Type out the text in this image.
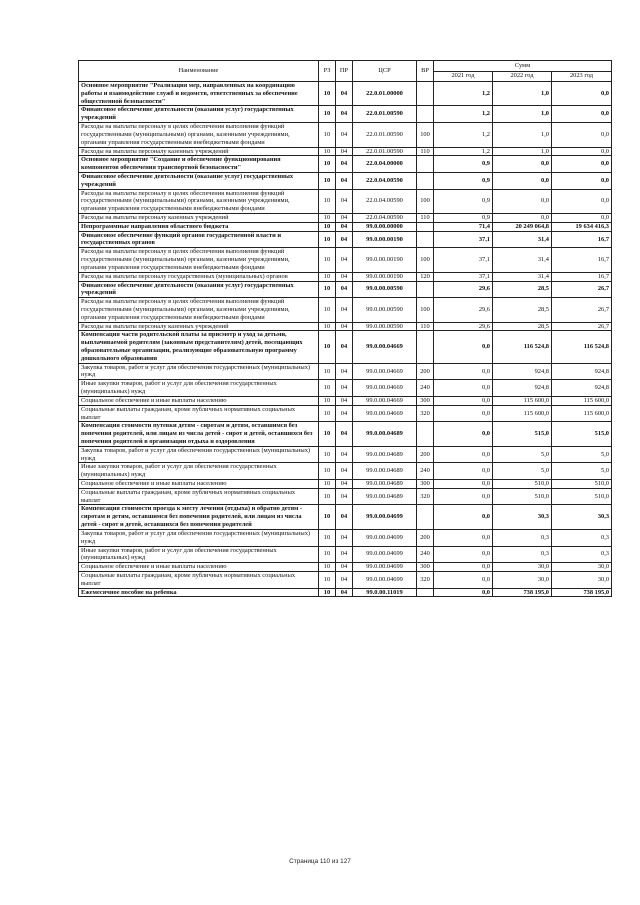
Наименование	РЗ	ПР	ЦСР	ВР	Сумм		
					2021 год	2022 год	2023 год
Основное мероприятие "Реализация мер, направленных на координацию работы и взаимодействие служб и ведомств, ответственных за обеспечение общественной безопасности"	10	04	22.0.01.00000		1,2	1,0	0,0
Финансовое обеспечение деятельности (оказания услуг) государственных учреждений	10	04	22.0.01.00590		1,2	1,0	0,0
Расходы на выплаты персоналу в целях обеспечения выполнения функций государственными (муниципальными) органами, казенными учреждениями, органами управления государственными внебюджетными фондами	10	04	22.0.01.00590	100	1,2	1,0	0,0
Расходы на выплаты персоналу казенных учреждений	10	04	22.0.01.00590	110	1,2	1,0	0,0
Основное мероприятие "Создание и обеспечение функционирования компонентов обеспечения транспортной безопасности"	10	04	22.0.04.00000		0,9	0,0	0,0
Финансовое обеспечение деятельности (оказание услуг) государственных учреждений	10	04	22.0.04.00590		0,9	0,0	0,0
Расходы на выплаты персоналу в целях обеспечения выполнения функций государственными (муниципальными) органами, казенными учреждениями, органами управления государственными внебюджетными фондами	10	04	22.0.04.00590	100	0,9	0,0	0,0
Расходы на выплаты персоналу казенных учреждений	10	04	22.0.04.00590	110	0,9	0,0	0,0
Непрограммные направления областного бюджета	10	04	99.0.00.00000		71,4	20 249 064,8	19 634 416,3
Финансовое обеспечение функций органов государственной власти и государственных органов	10	04	99.0.00.00190		37,1	31,4	16,7
Расходы на выплаты персоналу в целях обеспечения выполнения функций государственными (муниципальными) органами, казенными учреждениями, органами управления государственными внебюджетными фондами	10	04	99.0.00.00190	100	37,1	31,4	16,7
Расходы на выплаты персоналу государственных (муниципальных) органов	10	04	99.0.00.00190	120	37,1	31,4	16,7
Финансовое обеспечение деятельности (оказания услуг) государственных учреждений	10	04	99.0.00.00590		29,6	28,5	26,7
Расходы на выплаты персоналу в целях обеспечения выполнения функций государственными (муниципальными) органами, казенными учреждениями, органами управления государственными внебюджетными фондами	10	04	99.0.00.00590	100	29,6	28,5	26,7
Расходы на выплаты персоналу казенных учреждений	10	04	99.0.00.00590	110	29,6	28,5	26,7
Компенсация части родительской платы за присмотр и уход за детьми, выплачиваемой родителям (законным представителям) детей, посещающих образовательные организации, реализующие образовательную программу дошкольного образования	10	04	99.0.00.04669		0,0	116 524,8	116 524,8
Закупка товаров, работ и услуг для обеспечения государственных (муниципальных) нужд	10	04	99.0.00.04669	200	0,0	924,8	924,8
Иные закупки товаров, работ и услуг для обеспечения государственных (муниципальных) нужд	10	04	99.0.00.04669	240	0,0	924,8	924,8
Социальное обеспечение и иные выплаты населению	10	04	99.0.00.04669	300	0,0	115 600,0	115 600,0
Социальные выплаты гражданам, кроме публичных нормативных социальных выплат	10	04	99.0.00.04669	320	0,0	115 600,0	115 600,0
Компенсация стоимости путевки детям - сиротам и детям, оставшимся без попечения родителей, или лицам из числа детей - сирот и детей, оставшихся без попечения родителей в организации отдыха и оздоровления	10	04	99.0.00.04689		0,0	515,0	515,0
Закупка товаров, работ и услуг для обеспечения государственных (муниципальных) нужд	10	04	99.0.00.04689	200	0,0	5,0	5,0
Иные закупки товаров, работ и услуг для обеспечения государственных (муниципальных) нужд	10	04	99.0.00.04689	240	0,0	5,0	5,0
Социальное обеспечение и иные выплаты населению	10	04	99.0.00.04689	300	0,0	510,0	510,0
Социальные выплаты гражданам, кроме публичных нормативных социальных выплат	10	04	99.0.00.04689	320	0,0	510,0	510,0
Компенсация стоимости проезда к месту лечения (отдыха) и обратно детям - сиротам и детям, оставшимся без попечения родителей, или лицам из числа детей - сирот и детей, оставшихся без попечения родителей	10	04	99.0.00.04699		0,0	30,3	30,3
Закупка товаров, работ и услуг для обеспечения государственных (муниципальных) нужд	10	04	99.0.00.04699	200	0,0	0,3	0,3
Иные закупки товаров, работ и услуг для обеспечения государственных (муниципальных) нужд	10	04	99.0.00.04699	240	0,0	0,3	0,3
Социальное обеспечение и иные выплаты населению	10	04	99.0.00.04699	300	0,0	30,0	30,0
Социальные выплаты гражданам, кроме публичных нормативных социальных выплат	10	04	99.0.00.04699	320	0,0	30,0	30,0
Ежемесячное пособие на ребенка	10	04	99.0.00.11019		0,0	738 195,0	738 195,0
Страница 110 из 127
